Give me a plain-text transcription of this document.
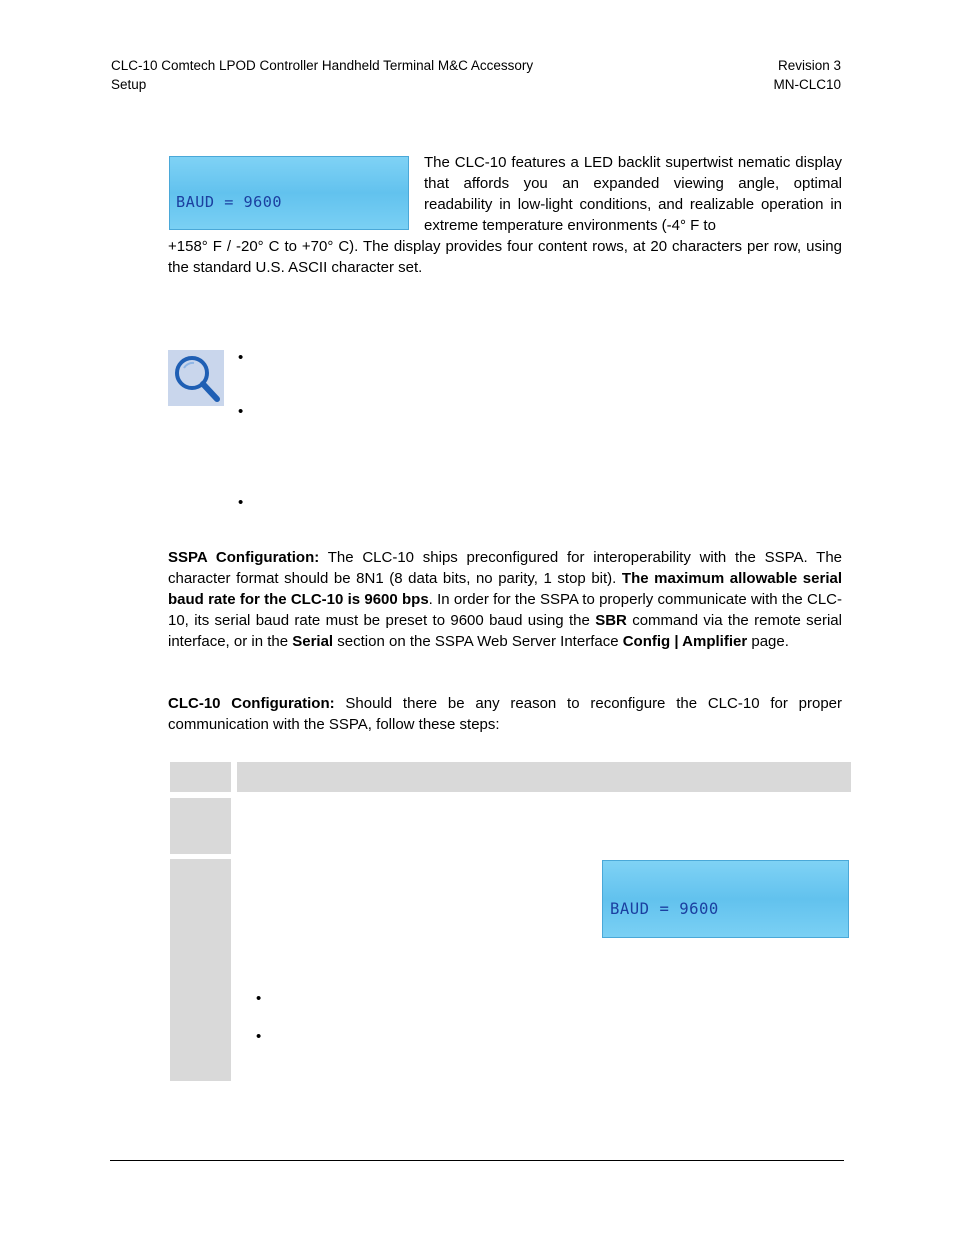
CLC-10 Comtech LPOD Controller Handheld Terminal M&C Accessory
Setup
Revision 3
MN-CLC10

BAUD = 9600

The CLC-10 features a LED backlit supertwist nematic display that affords you an expanded viewing angle, optimal readability in low-light conditions, and realizable operation in extreme temperature environments (-4° F to
+158° F / -20° C to +70° C). The display provides four content rows, at 20 characters per row, using the standard U.S. ASCII character set.
•
•
•
SSPA Configuration: The CLC-10 ships preconfigured for interoperability with the SSPA. The character format should be 8N1 (8 data bits, no parity, 1 stop bit). The maximum allowable serial baud rate for the CLC-10 is 9600 bps. In order for the SSPA to properly communicate with the CLC-10, its serial baud rate must be preset to 9600 baud using the SBR command via the remote serial interface, or in the Serial section on the SSPA Web Server Interface Config | Amplifier page.
CLC-10 Configuration: Should there be any reason to reconfigure the CLC-10 for proper communication with the SSPA, follow these steps:

BAUD = 9600

•
•
